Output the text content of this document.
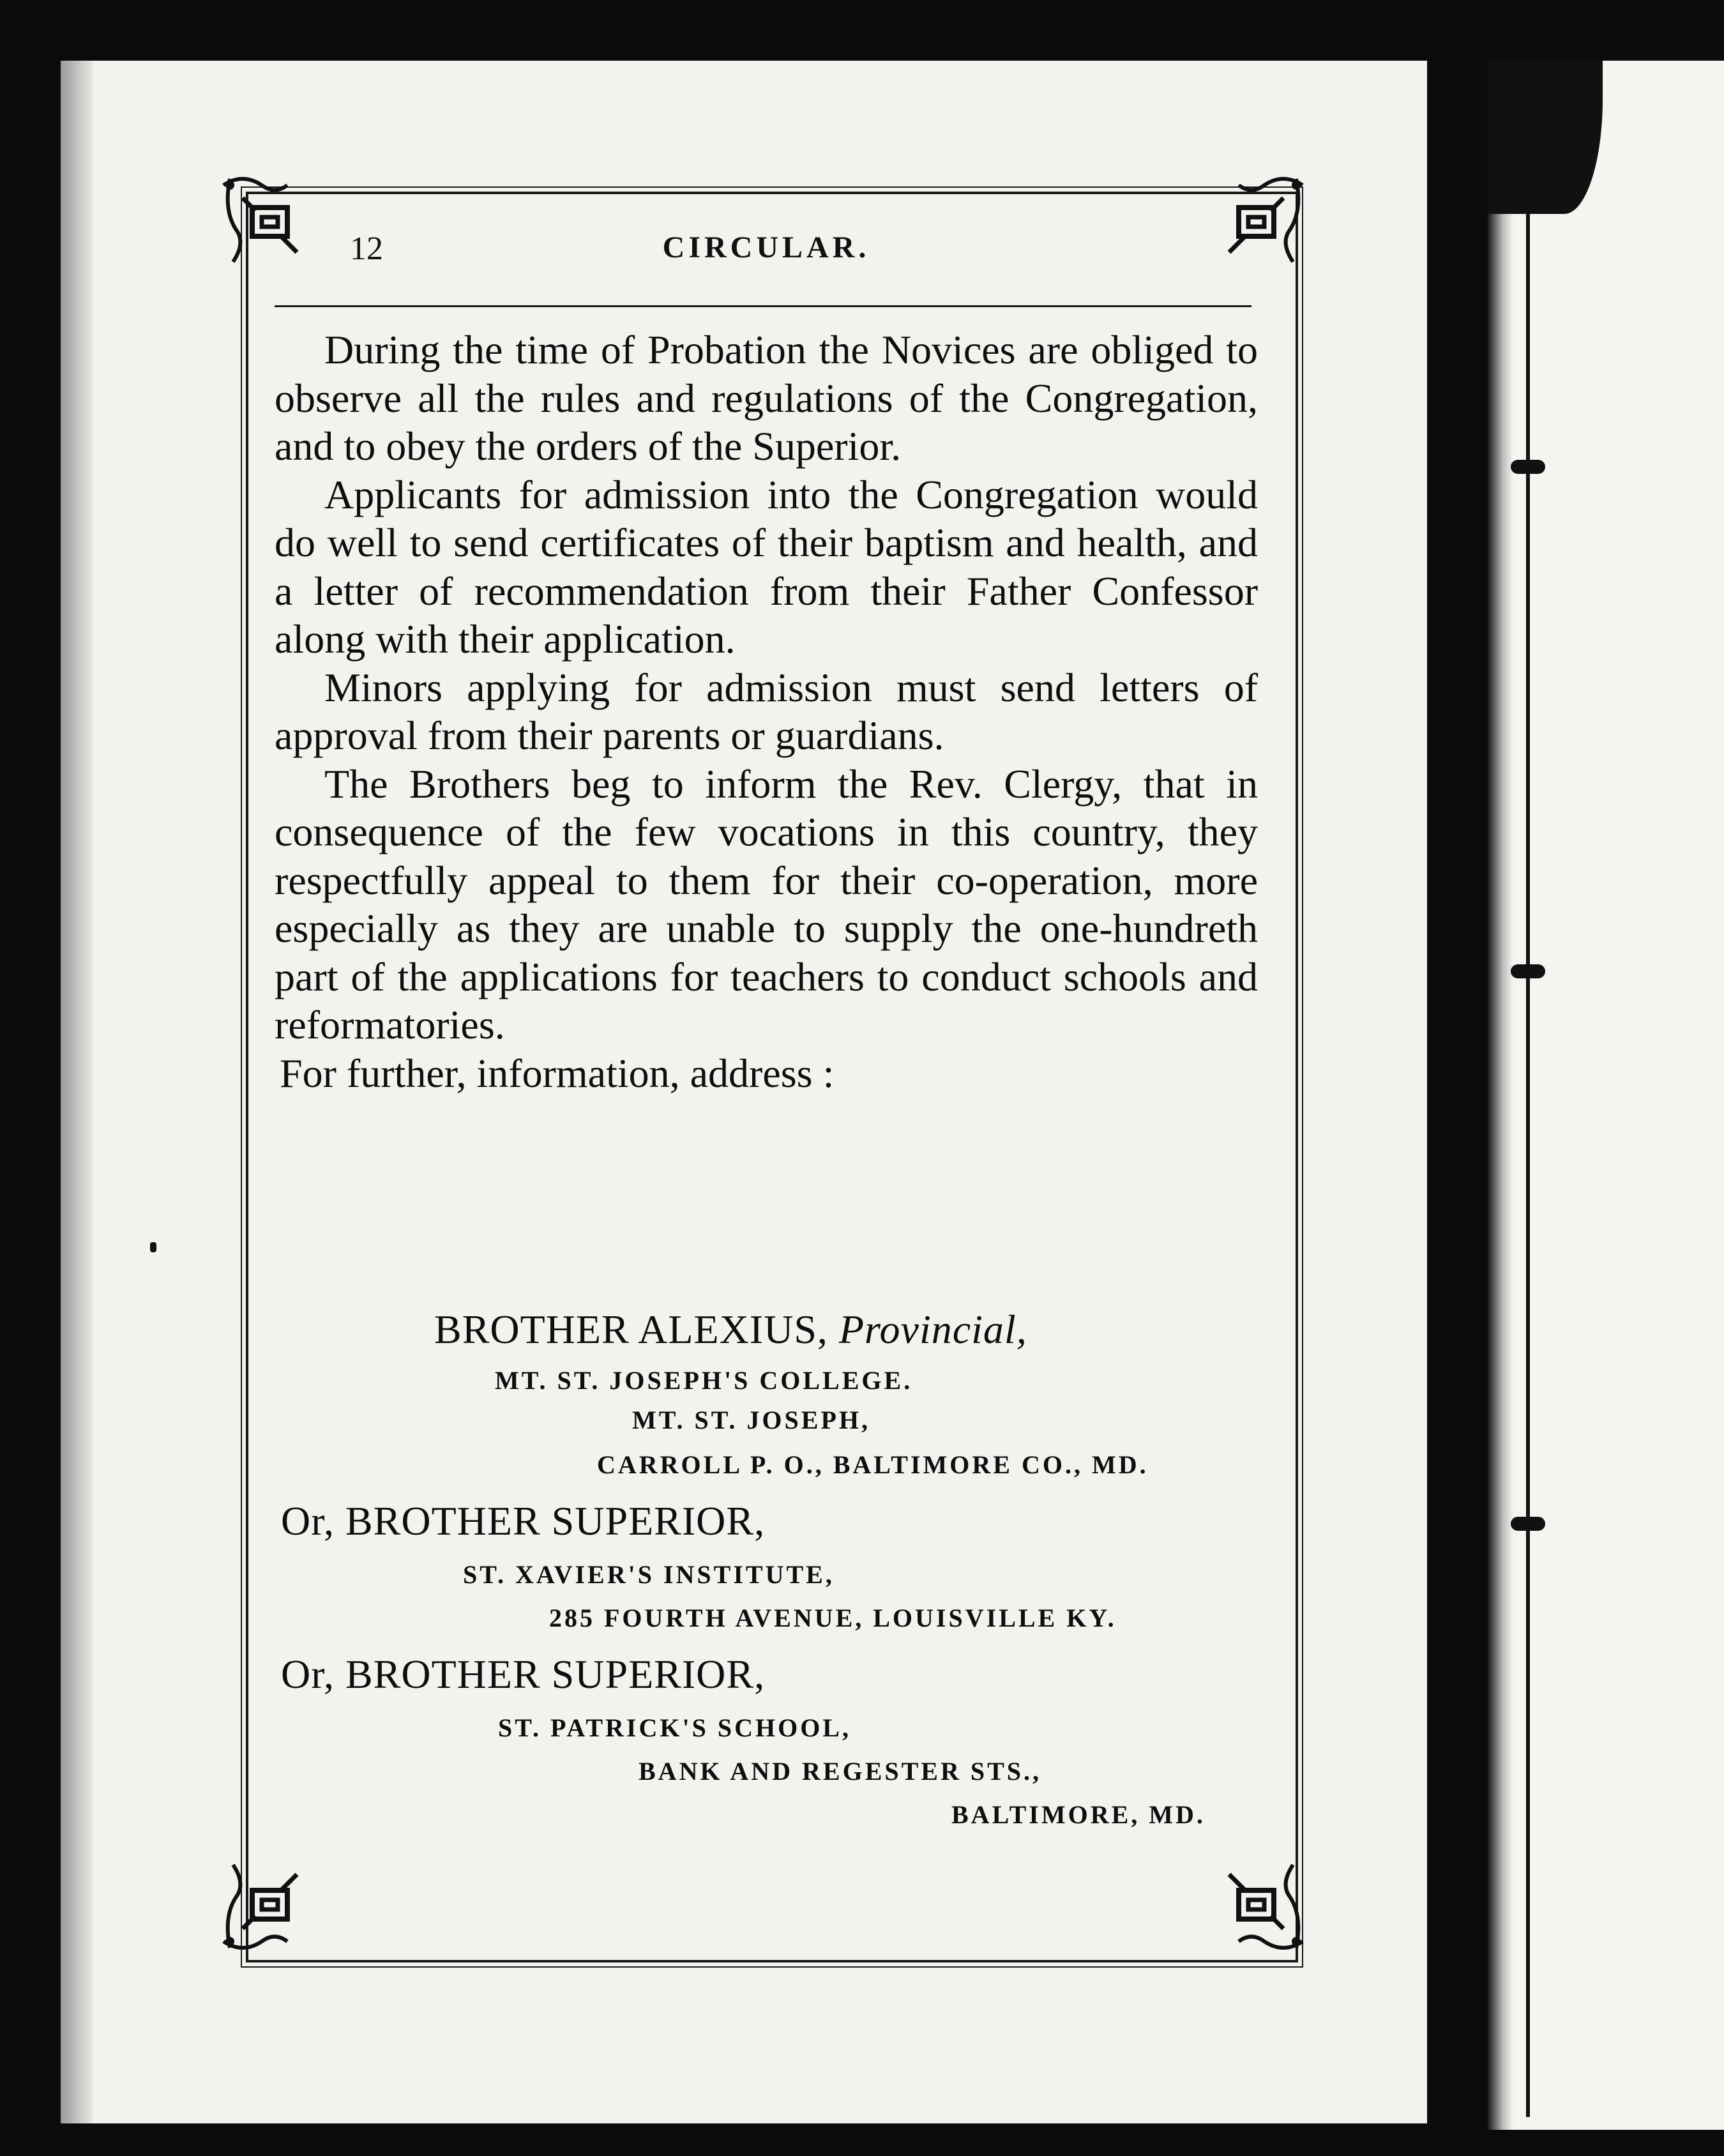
12	CIRCULAR.

During the time of Probation the Novices are obliged to observe all the rules and regulations of the Congregation, and to obey the orders of the Superior.

Applicants for admission into the Congregation would do well to send certificates of their baptism and health, and a letter of recommendation from their Father Confessor along with their application.

Minors applying for admission must send letters of approval from their parents or guardians.

The Brothers beg to inform the Rev. Clergy, that in consequence of the few vocations in this country, they respectfully appeal to them for their co-operation, more especially as they are unable to supply the one-hundreth part of the applications for teachers to conduct schools and reformatories.

For further, information, address :

BROTHER ALEXIUS, Provincial,
MT. ST. JOSEPH'S COLLEGE.
MT. ST. JOSEPH,
CARROLL P. O., BALTIMORE CO., MD.
Or, BROTHER SUPERIOR,
ST. XAVIER'S INSTITUTE,
285 FOURTH AVENUE, LOUISVILLE KY.
Or, BROTHER SUPERIOR,
ST. PATRICK'S SCHOOL,
BANK AND REGESTER STS.,
BALTIMORE, MD.
